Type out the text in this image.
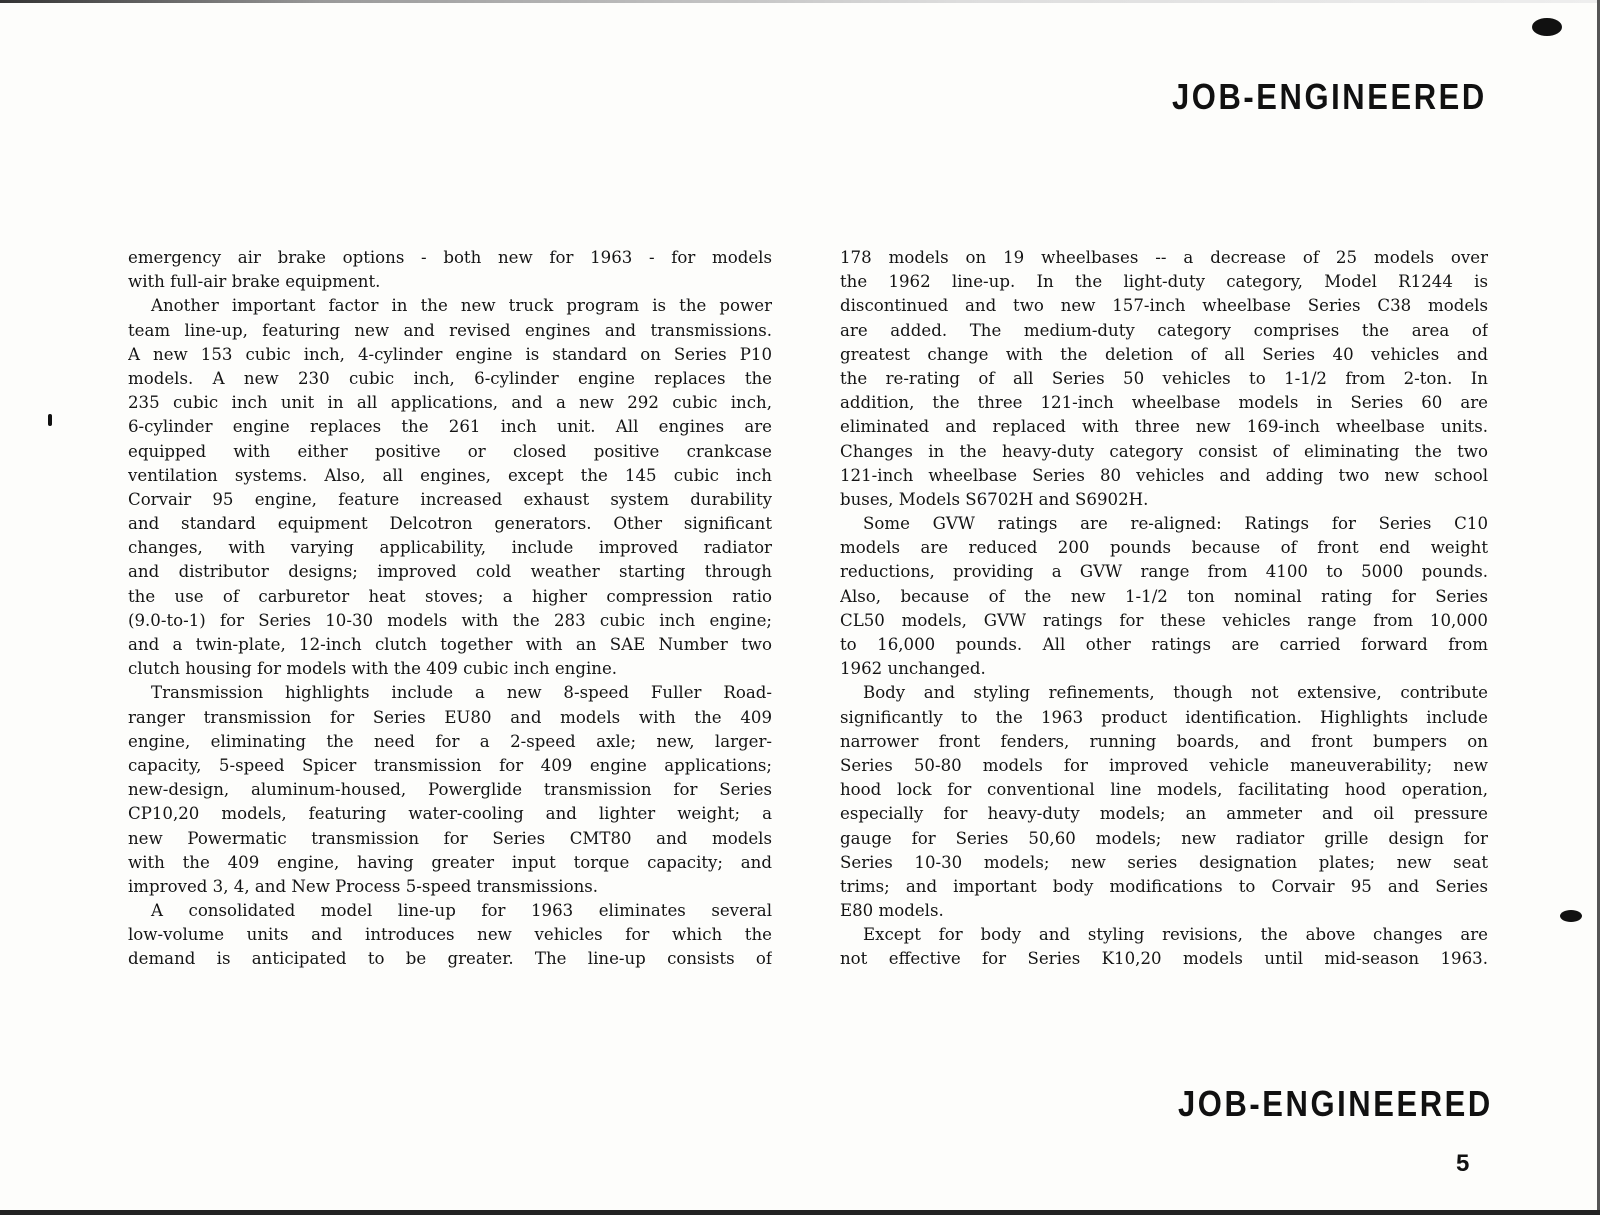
JOB-ENGINEERED
emergency air brake options - both new for 1963 - for models
with full-air brake equipment.
Another important factor in the new truck program is the power
team line-up, featuring new and revised engines and transmissions.
A new 153 cubic inch, 4-cylinder engine is standard on Series P10
models. A new 230 cubic inch, 6-cylinder engine replaces the
235 cubic inch unit in all applications, and a new 292 cubic inch,
6-cylinder engine replaces the 261 inch unit. All engines are
equipped with either positive or closed positive crankcase
ventilation systems. Also, all engines, except the 145 cubic inch
Corvair 95 engine, feature increased exhaust system durability
and standard equipment Delcotron generators. Other significant
changes, with varying applicability, include improved radiator
and distributor designs; improved cold weather starting through
the use of carburetor heat stoves; a higher compression ratio
(9.0-to-1) for Series 10-30 models with the 283 cubic inch engine;
and a twin-plate, 12-inch clutch together with an SAE Number two
clutch housing for models with the 409 cubic inch engine.
Transmission highlights include a new 8-speed Fuller Road-
ranger transmission for Series EU80 and models with the 409
engine, eliminating the need for a 2-speed axle; new, larger-
capacity, 5-speed Spicer transmission for 409 engine applications;
new-design, aluminum-housed, Powerglide transmission for Series
CP10,20 models, featuring water-cooling and lighter weight; a
new Powermatic transmission for Series CMT80 and models
with the 409 engine, having greater input torque capacity; and
improved 3, 4, and New Process 5-speed transmissions.
A consolidated model line-up for 1963 eliminates several
low-volume units and introduces new vehicles for which the
demand is anticipated to be greater. The line-up consists of
178 models on 19 wheelbases -- a decrease of 25 models over
the 1962 line-up. In the light-duty category, Model R1244 is
discontinued and two new 157-inch wheelbase Series C38 models
are added. The medium-duty category comprises the area of
greatest change with the deletion of all Series 40 vehicles and
the re-rating of all Series 50 vehicles to 1-1/2 from 2-ton. In
addition, the three 121-inch wheelbase models in Series 60 are
eliminated and replaced with three new 169-inch wheelbase units.
Changes in the heavy-duty category consist of eliminating the two
121-inch wheelbase Series 80 vehicles and adding two new school
buses, Models S6702H and S6902H.
Some GVW ratings are re-aligned: Ratings for Series C10
models are reduced 200 pounds because of front end weight
reductions, providing a GVW range from 4100 to 5000 pounds.
Also, because of the new 1-1/2 ton nominal rating for Series
CL50 models, GVW ratings for these vehicles range from 10,000
to 16,000 pounds. All other ratings are carried forward from
1962 unchanged.
Body and styling refinements, though not extensive, contribute
significantly to the 1963 product identification. Highlights include
narrower front fenders, running boards, and front bumpers on
Series 50-80 models for improved vehicle maneuverability; new
hood lock for conventional line models, facilitating hood operation,
especially for heavy-duty models; an ammeter and oil pressure
gauge for Series 50,60 models; new radiator grille design for
Series 10-30 models; new series designation plates; new seat
trims; and important body modifications to Corvair 95 and Series
E80 models.
Except for body and styling revisions, the above changes are
not effective for Series K10,20 models until mid-season 1963.
JOB-ENGINEERED
5
